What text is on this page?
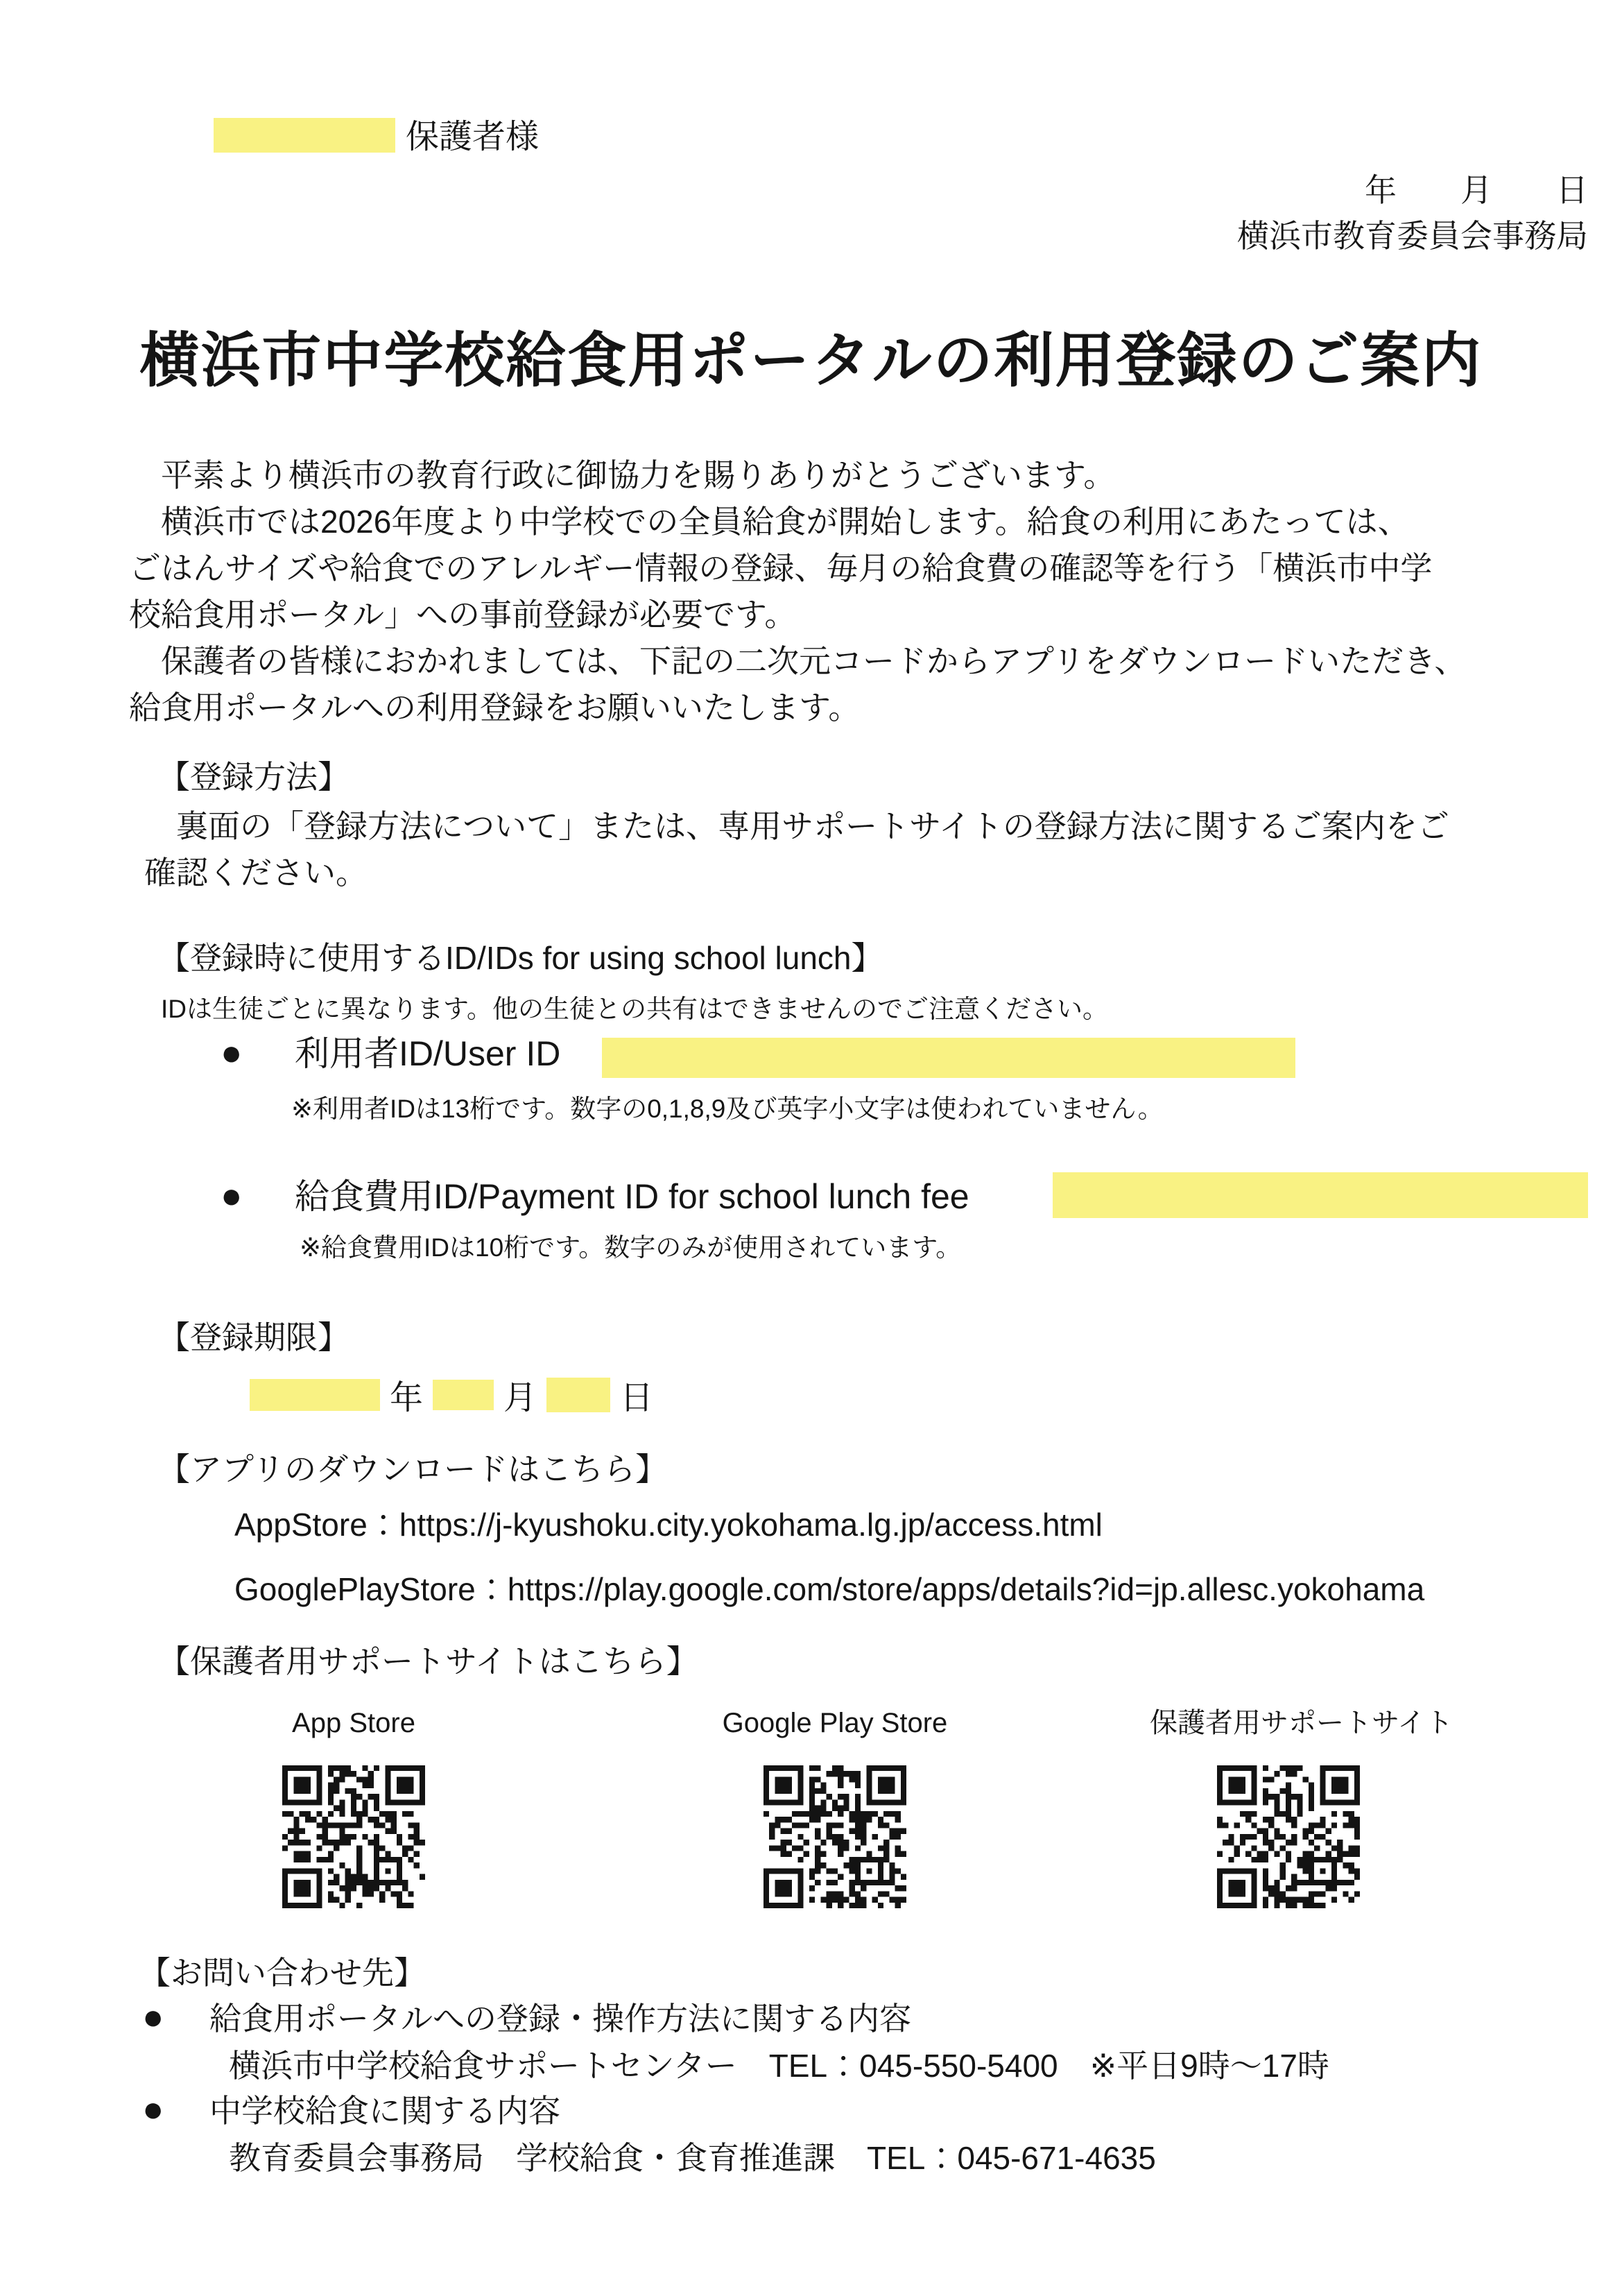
保護者様
年　　月　　日
横浜市教育委員会事務局
横浜市中学校給食用ポータルの利用登録のご案内
　平素より横浜市の教育行政に御協力を賜りありがとうございます。
　横浜市では2026年度より中学校での全員給食が開始します。給食の利用にあたっては、
ごはんサイズや給食でのアレルギー情報の登録、毎月の給食費の確認等を行う「横浜市中学
校給食用ポータル」への事前登録が必要です。
　保護者の皆様におかれましては、下記の二次元コードからアプリをダウンロードいただき、
給食用ポータルへの利用登録をお願いいたします。
【登録方法】
　裏面の「登録方法について」または、専用サポートサイトの登録方法に関するご案内をご
確認ください。
【登録時に使用するID/IDs for using school lunch】
IDは生徒ごとに異なります。他の生徒との共有はできませんのでご注意ください。
● 利用者ID/User ID
※利用者IDは13桁です。数字の0,1,8,9及び英字小文字は使われていません。
● 給食費用ID/Payment ID for school lunch fee
※給食費用IDは10桁です。数字のみが使用されています。
【登録期限】
年 月	日
【アプリのダウンロードはこちら】
AppStore：https://j-kyushoku.city.yokohama.lg.jp/access.html
GooglePlayStore：https://play.google.com/store/apps/details?id=jp.allesc.yokohama
【保護者用サポートサイトはこちら】
App Store	Google Play Store	保護者用サポートサイト
【お問い合わせ先】
● 給食用ポータルへの登録・操作方法に関する内容
横浜市中学校給食サポートセンター　TEL：045-550-5400　※平日9時～17時
● 中学校給食に関する内容
教育委員会事務局　学校給食・食育推進課　TEL：045-671-4635
